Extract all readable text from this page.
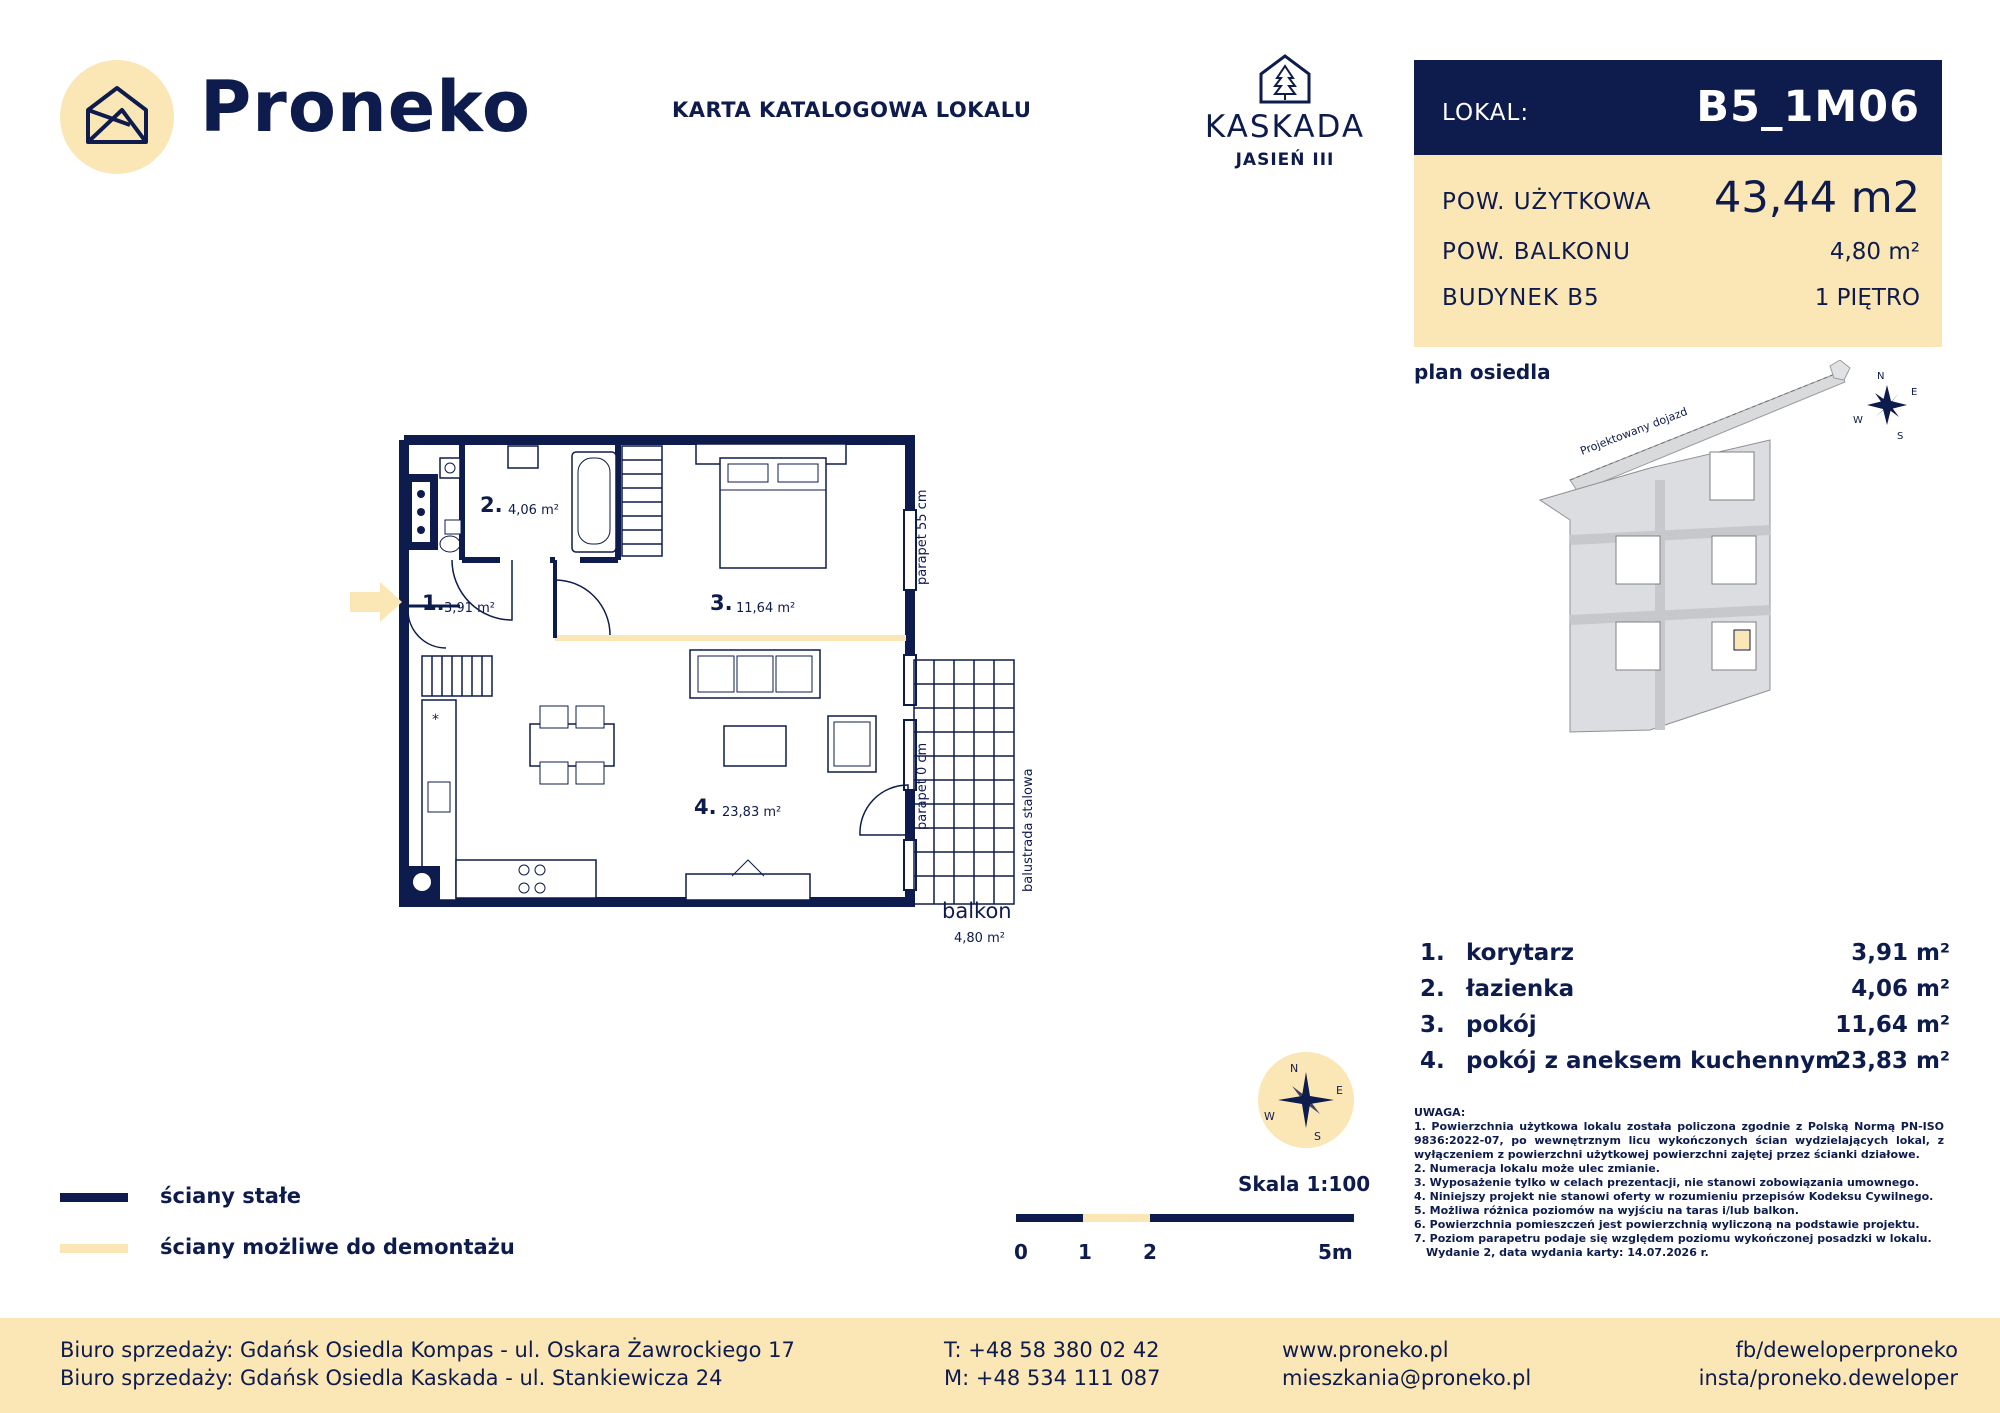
Proneko	KARTA KATALOGOWA LOKALU	KASKADA
JASIEŃ III
LOKAL:	B5_1M06
POW. UŻYTKOWA 43,44 m2
POW. BALKONU	4,80 m²
BUDYNEK B5	1 PIĘTRO
plan osiedla
Projektowany dojazd
N
E
S
W
*
2. 4,06 m²
1. 3,91 m²	3. 11,64 m²
4. 23,83 m²
parapet 55 cm
parapet 0 cm	balustrada stalowa
balkon
4,80 m²
N
E
S
W
1. korytarz	3,91 m²
2. łazienka	4,06 m²
3. pokój	11,64 m²
4. pokój z aneksem kuchennym
23,83 m²
UWAGA:
1. Powierzchnia użytkowa lokalu została policzona zgodnie z Polską Normą PN-ISO 9836:2022-07, po wewnętrznym licu wykończonych ścian wydzielających lokal, z wyłączeniem z powierzchni użytkowej powierzchni zajętej przez ścianki działowe.
2. Numeracja lokalu może ulec zmianie.
3. Wyposażenie tylko w celach prezentacji, nie stanowi zobowiązania umownego.
4. Niniejszy projekt nie stanowi oferty w rozumieniu przepisów Kodeksu Cywilnego.
5. Możliwa różnica poziomów na wyjściu na taras i/lub balkon.
6. Powierzchnia pomieszczeń jest powierzchnią wyliczoną na podstawie projektu.
7. Poziom parapetru podaje się względem poziomu wykończonej posadzki w lokalu.
Wydanie 2, data wydania karty: 14.07.2026 r.
ściany stałe
ściany możliwe do demontażu
Skala 1:100
0	1	2	5m
Biuro sprzedaży: Gdańsk Osiedla Kompas - ul. Oskara Żawrockiego 17
Biuro sprzedaży: Gdańsk Osiedla Kaskada - ul. Stankiewicza 24
T: +48 58 380 02 42
M: +48 534 111 087
www.proneko.pl
mieszkania@proneko.pl
fb/deweloperproneko
insta/proneko.deweloper
